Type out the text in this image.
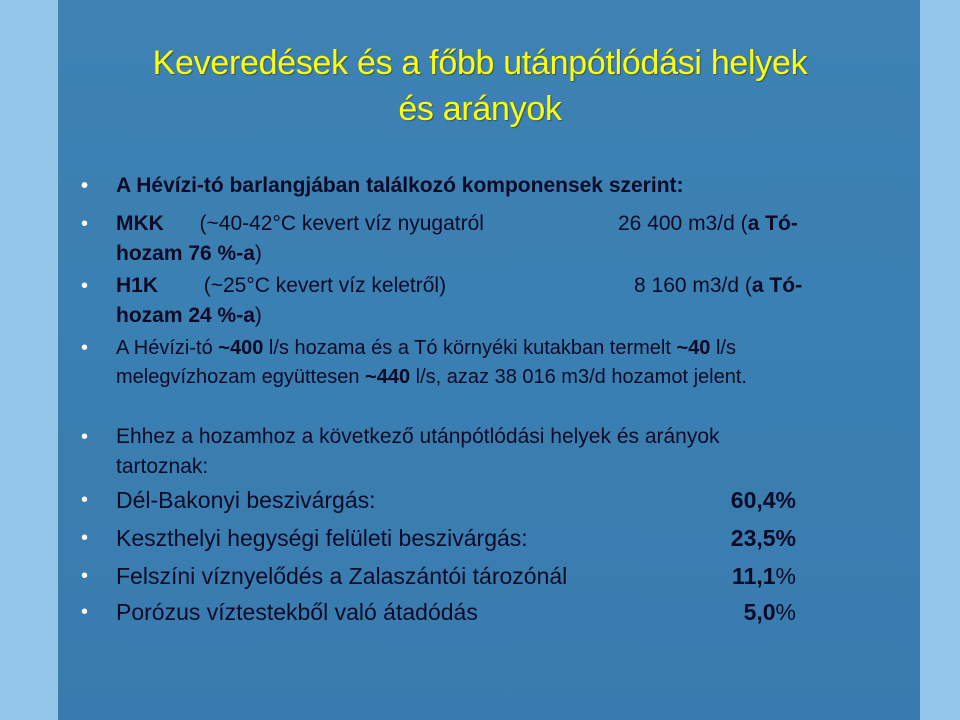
Keveredések és a főbb utánpótlódási helyek
és arányok
• A Hévízi-tó barlangjában találkozó komponensek szerint:
• MKK (~40-42°C kevert víz nyugatról	26 400 m3/d (a Tó-

hozam 76 %-a)
• H1K (~25°C kevert víz keletről)	8 160 m3/d (a Tó-

hozam 24 %-a)
• A Hévízi-tó ~400 l/s hozama és a Tó környéki kutakban termelt ~40 l/s melegvízhozam együttesen ~440 l/s, azaz 38 016 m3/d hozamot jelent.
• Ehhez a hozamhoz a következő utánpótlódási helyek és arányok tartoznak:
• Dél-Bakonyi beszivárgás:	60,4%
• Keszthelyi hegységi felületi beszivárgás:	23,5%
• Felszíni víznyelődés a Zalaszántói tározónál	11,1%
• Porózus víztestekből való átadódás	5,0%
